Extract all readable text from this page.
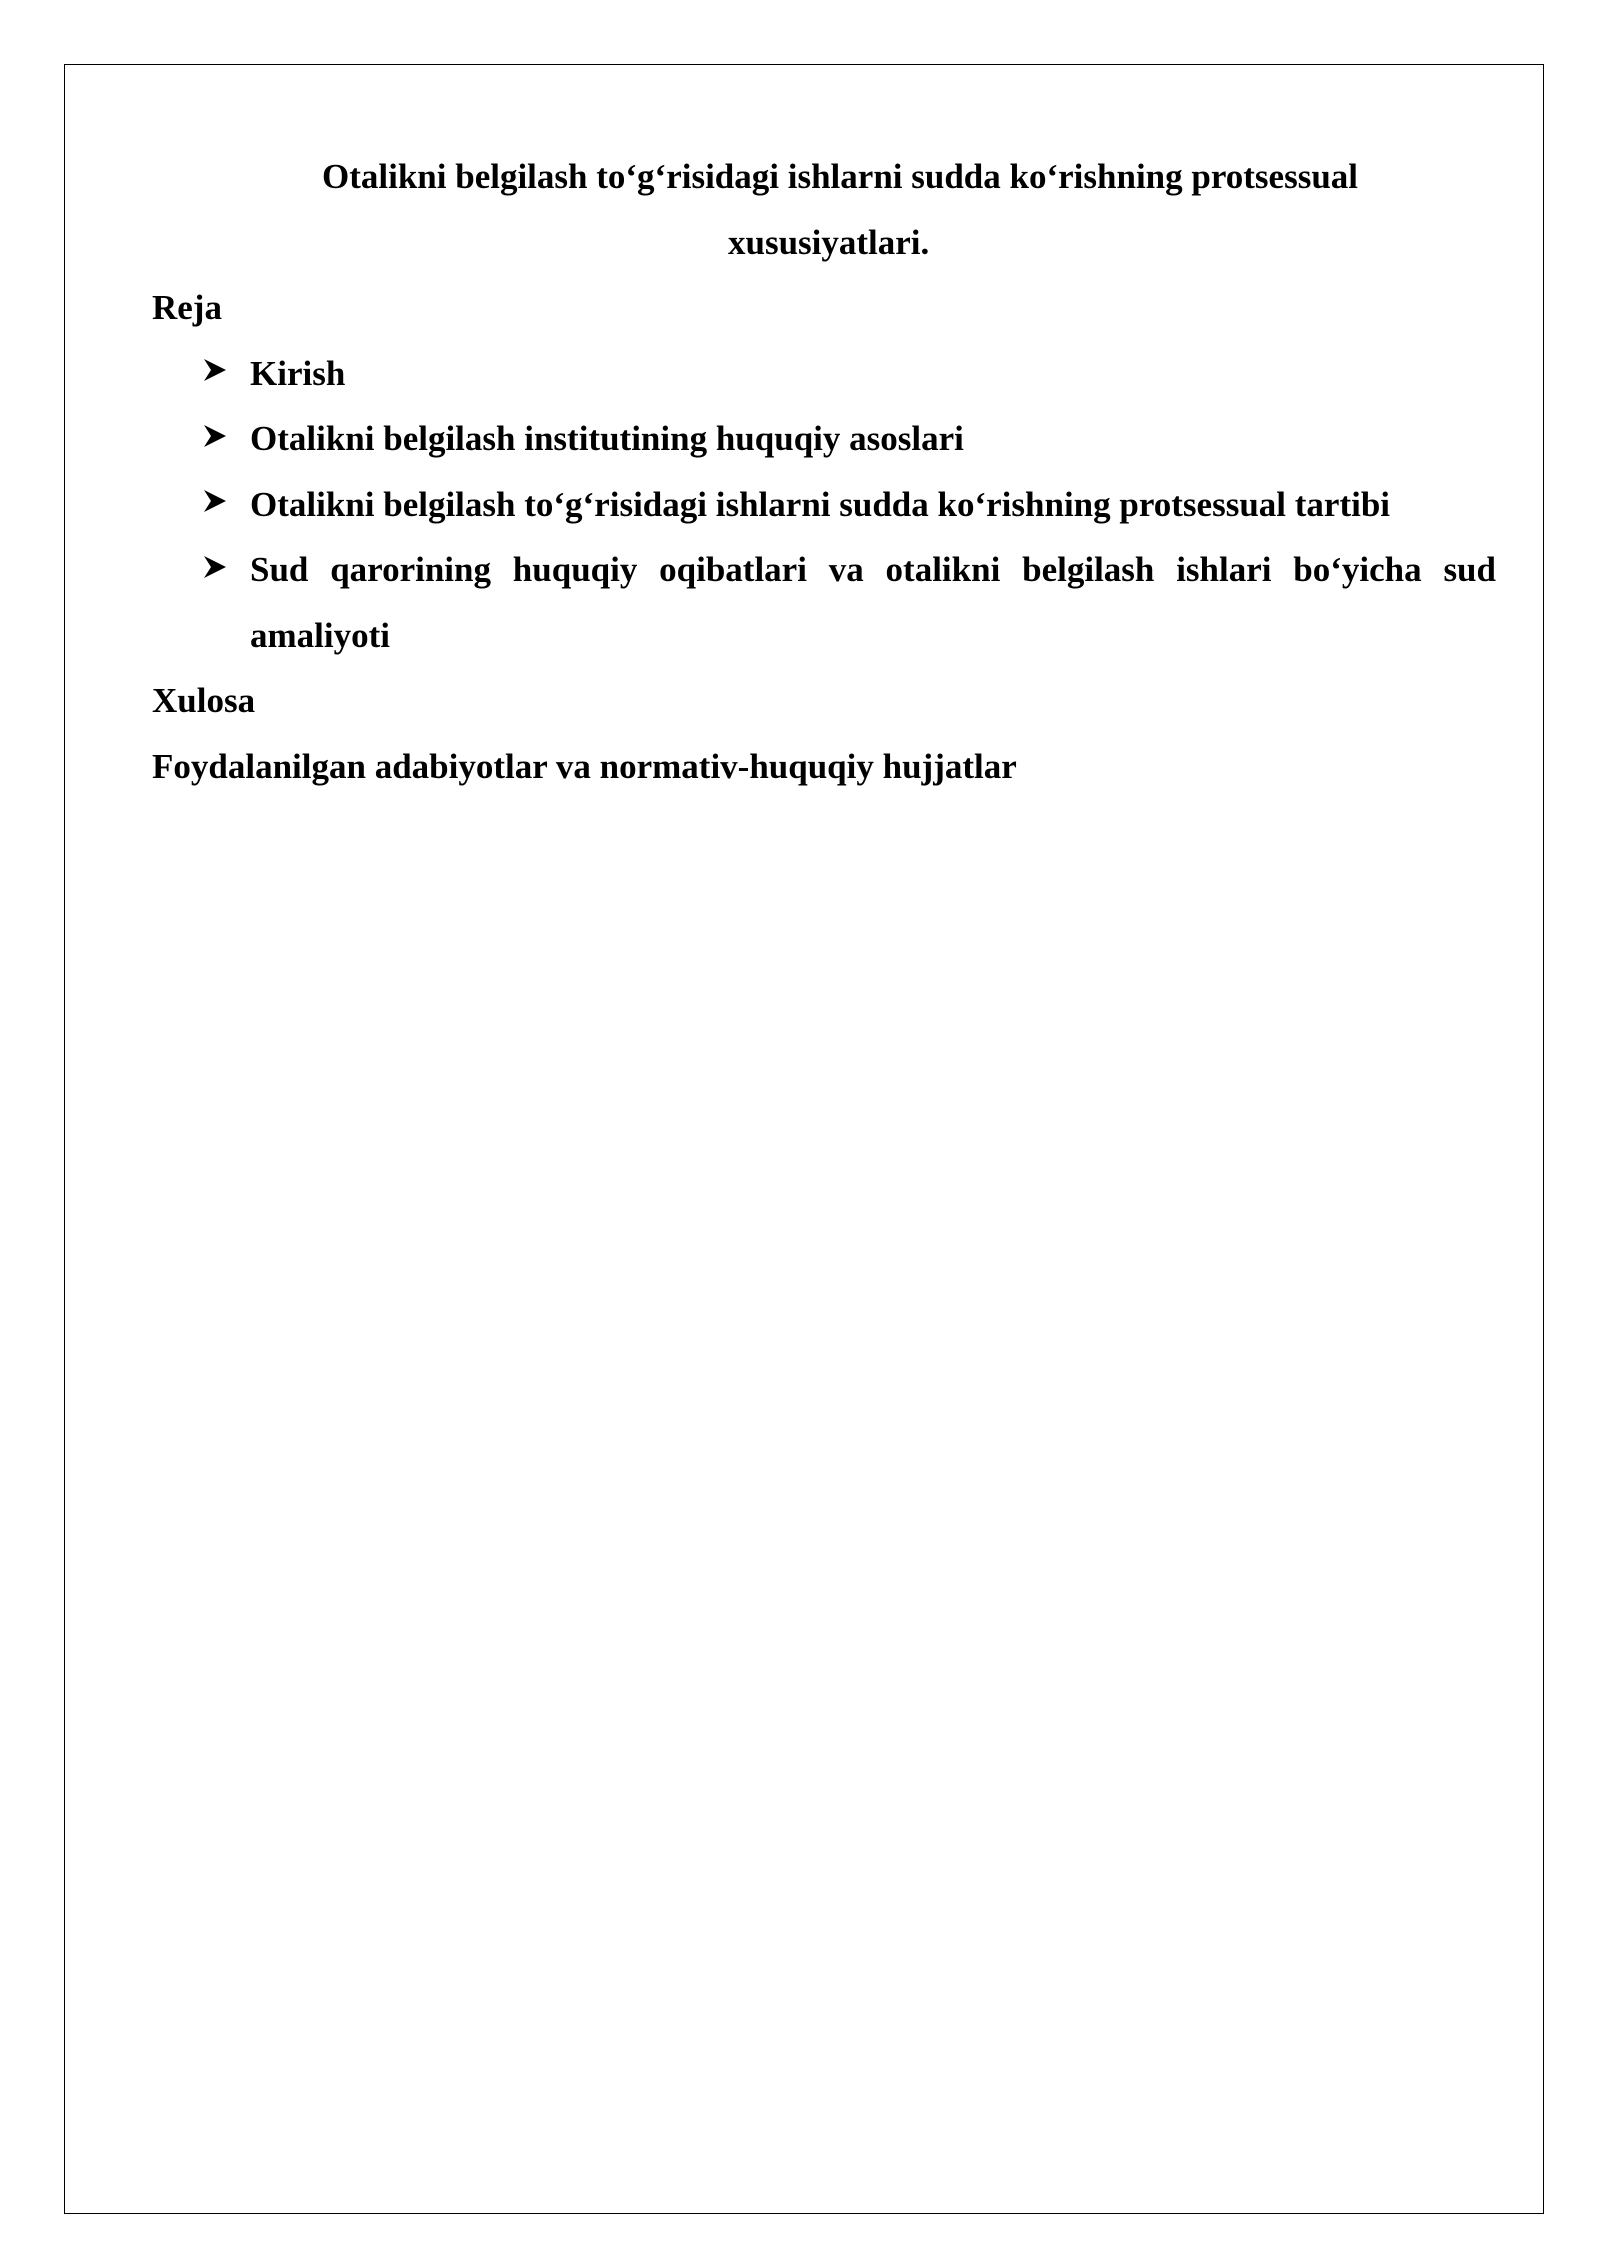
Otalikni belgilash to‘g‘risidagi ishlarni sudda ko‘rishning protsessual
xususiyatlari.
Reja
Kirish
Otalikni belgilash institutining huquqiy asoslari
Otalikni belgilash to‘g‘risidagi ishlarni sudda ko‘rishning protsessual tartibi
Sud qarorining huquqiy oqibatlari va otalikni belgilash ishlari bo‘yicha sud amaliyoti
Xulosa
Foydalanilgan adabiyotlar va normativ-huquqiy hujjatlar
